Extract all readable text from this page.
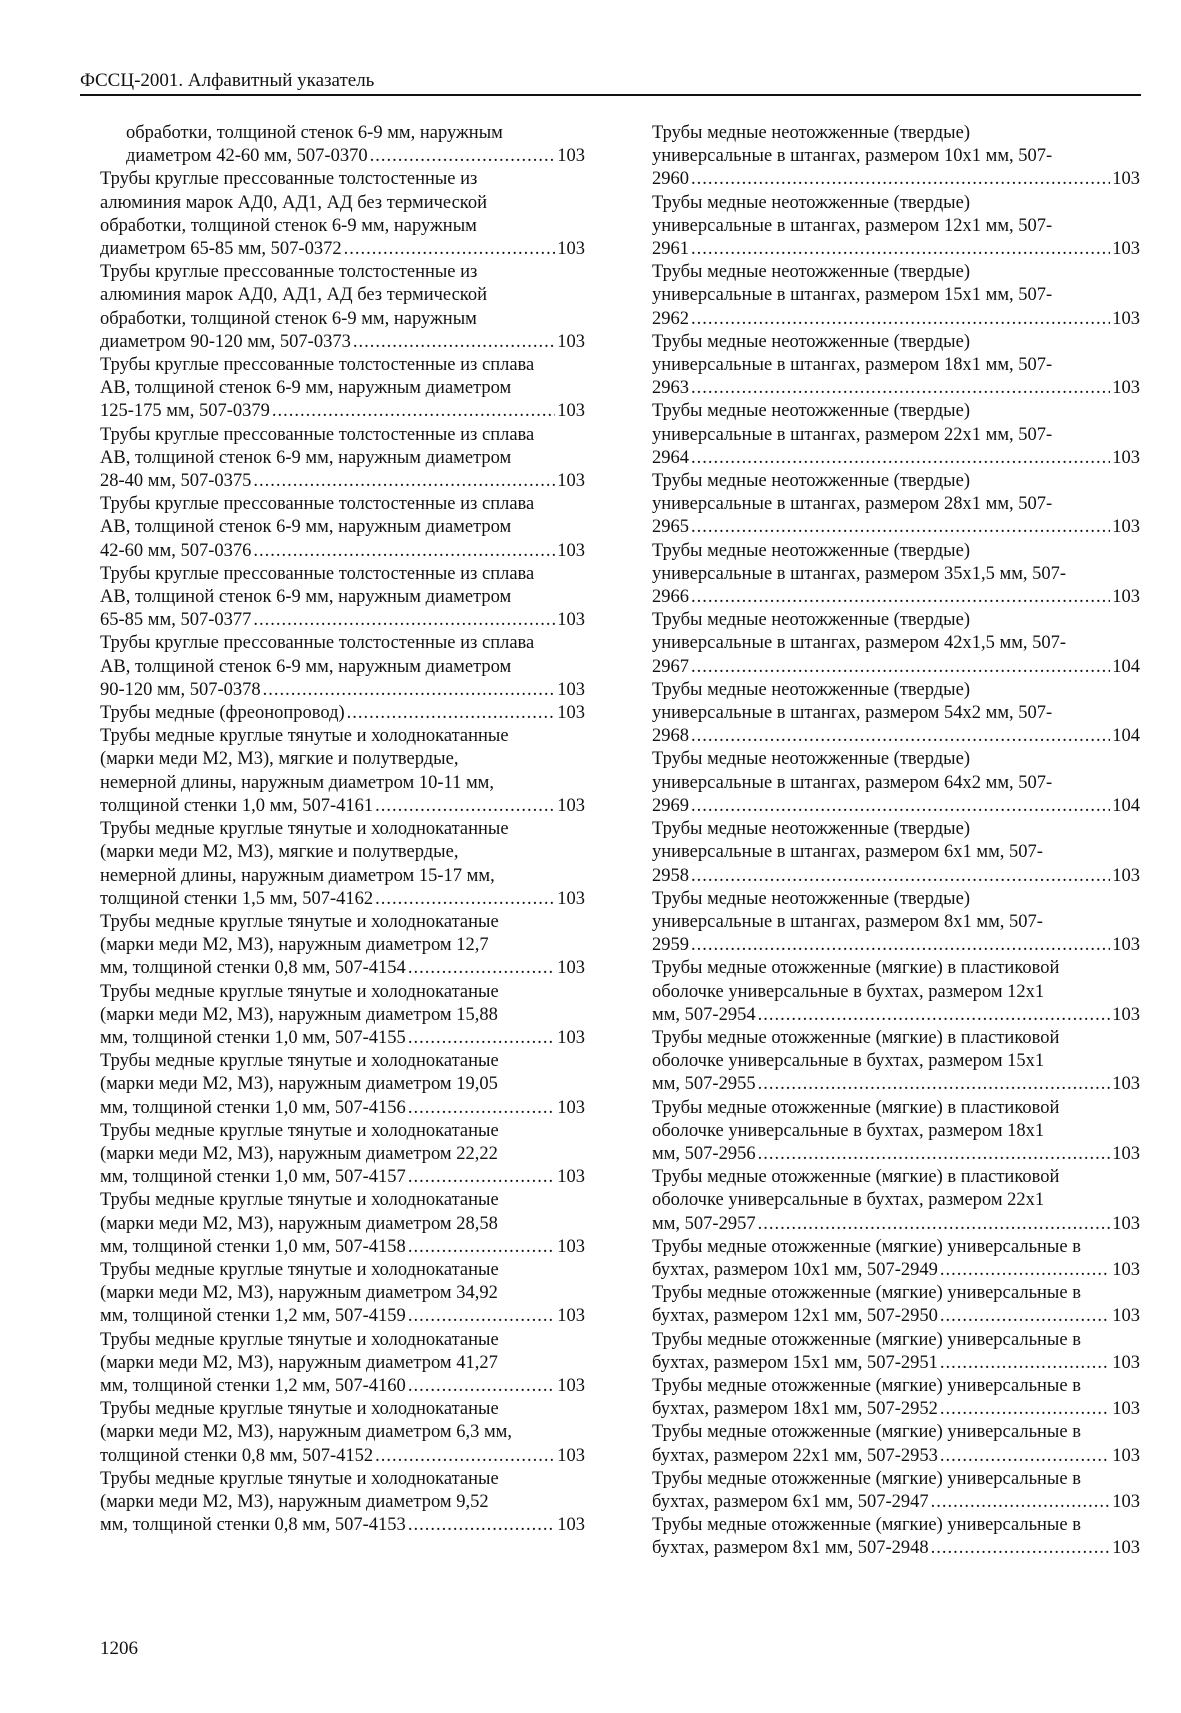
ФССЦ-2001. Алфавитный указатель
обработки, толщиной стенок 6-9 мм, наружным
диаметром 42-60 мм, 507-0370 .....	103
Трубы круглые прессованные толстостенные из
алюминия марок АД0, АД1, АД без термической
обработки, толщиной стенок 6-9 мм, наружным
диаметром 65-85 мм, 507-0372 .....	103
Трубы круглые прессованные толстостенные из
алюминия марок АД0, АД1, АД без термической
обработки, толщиной стенок 6-9 мм, наружным
диаметром 90-120 мм, 507-0373 .....	103
Трубы круглые прессованные толстостенные из сплава
АВ, толщиной стенок 6-9 мм, наружным диаметром
125-175 мм, 507-0379 .....	103
Трубы круглые прессованные толстостенные из сплава
АВ, толщиной стенок 6-9 мм, наружным диаметром
28-40 мм, 507-0375 .....	103
Трубы круглые прессованные толстостенные из сплава
АВ, толщиной стенок 6-9 мм, наружным диаметром
42-60 мм, 507-0376 .....	103
Трубы круглые прессованные толстостенные из сплава
АВ, толщиной стенок 6-9 мм, наружным диаметром
65-85 мм, 507-0377 .....	103
Трубы круглые прессованные толстостенные из сплава
АВ, толщиной стенок 6-9 мм, наружным диаметром
90-120 мм, 507-0378 .....	103
Трубы медные (фреонопровод) .....	103
Трубы медные круглые тянутые и холоднокатанные
(марки меди М2, М3), мягкие и полутвердые,
немерной длины, наружным диаметром 10-11 мм,
толщиной стенки 1,0 мм, 507-4161 .....	103
Трубы медные круглые тянутые и холоднокатанные
(марки меди М2, М3), мягкие и полутвердые,
немерной длины, наружным диаметром 15-17 мм,
толщиной стенки 1,5 мм, 507-4162 .....	103
Трубы медные круглые тянутые и холоднокатаные
(марки меди М2, М3), наружным диаметром 12,7
мм, толщиной стенки 0,8 мм, 507-4154 .....	103
Трубы медные круглые тянутые и холоднокатаные
(марки меди М2, М3), наружным диаметром 15,88
мм, толщиной стенки 1,0 мм, 507-4155 .....	103
Трубы медные круглые тянутые и холоднокатаные
(марки меди М2, М3), наружным диаметром 19,05
мм, толщиной стенки 1,0 мм, 507-4156 .....	103
Трубы медные круглые тянутые и холоднокатаные
(марки меди М2, М3), наружным диаметром 22,22
мм, толщиной стенки 1,0 мм, 507-4157 .....	103
Трубы медные круглые тянутые и холоднокатаные
(марки меди М2, М3), наружным диаметром 28,58
мм, толщиной стенки 1,0 мм, 507-4158 .....	103
Трубы медные круглые тянутые и холоднокатаные
(марки меди М2, М3), наружным диаметром 34,92
мм, толщиной стенки 1,2 мм, 507-4159 .....	103
Трубы медные круглые тянутые и холоднокатаные
(марки меди М2, М3), наружным диаметром 41,27
мм, толщиной стенки 1,2 мм, 507-4160 .....	103
Трубы медные круглые тянутые и холоднокатаные
(марки меди М2, М3), наружным диаметром 6,3 мм,
толщиной стенки 0,8 мм, 507-4152 .....	103
Трубы медные круглые тянутые и холоднокатаные
(марки меди М2, М3), наружным диаметром 9,52
мм, толщиной стенки 0,8 мм, 507-4153 .....	103
Трубы медные неотожженные (твердые)
универсальные в штангах, размером 10x1 мм, 507-
2960 .....	103
Трубы медные неотожженные (твердые)
универсальные в штангах, размером 12x1 мм, 507-
2961 .....	103
Трубы медные неотожженные (твердые)
универсальные в штангах, размером 15x1 мм, 507-
2962 .....	103
Трубы медные неотожженные (твердые)
универсальные в штангах, размером 18x1 мм, 507-
2963 .....	103
Трубы медные неотожженные (твердые)
универсальные в штангах, размером 22x1 мм, 507-
2964 .....	103
Трубы медные неотожженные (твердые)
универсальные в штангах, размером 28x1 мм, 507-
2965 .....	103
Трубы медные неотожженные (твердые)
универсальные в штангах, размером 35x1,5 мм, 507-
2966 .....	103
Трубы медные неотожженные (твердые)
универсальные в штангах, размером 42x1,5 мм, 507-
2967 .....	104
Трубы медные неотожженные (твердые)
универсальные в штангах, размером 54x2 мм, 507-
2968 .....	104
Трубы медные неотожженные (твердые)
универсальные в штангах, размером 64x2 мм, 507-
2969 .....	104
Трубы медные неотожженные (твердые)
универсальные в штангах, размером 6x1 мм, 507-
2958 .....	103
Трубы медные неотожженные (твердые)
универсальные в штангах, размером 8x1 мм, 507-
2959 .....	103
Трубы медные отожженные (мягкие) в пластиковой
оболочке универсальные в бухтах, размером 12x1
мм, 507-2954 .....	103
Трубы медные отожженные (мягкие) в пластиковой
оболочке универсальные в бухтах, размером 15x1
мм, 507-2955 .....	103
Трубы медные отожженные (мягкие) в пластиковой
оболочке универсальные в бухтах, размером 18x1
мм, 507-2956 .....	103
Трубы медные отожженные (мягкие) в пластиковой
оболочке универсальные в бухтах, размером 22x1
мм, 507-2957 .....	103
Трубы медные отожженные (мягкие) универсальные в
бухтах, размером 10x1 мм, 507-2949 .....	103
Трубы медные отожженные (мягкие) универсальные в
бухтах, размером 12x1 мм, 507-2950 .....	103
Трубы медные отожженные (мягкие) универсальные в
бухтах, размером 15x1 мм, 507-2951 .....	103
Трубы медные отожженные (мягкие) универсальные в
бухтах, размером 18x1 мм, 507-2952 .....	103
Трубы медные отожженные (мягкие) универсальные в
бухтах, размером 22x1 мм, 507-2953 .....	103
Трубы медные отожженные (мягкие) универсальные в
бухтах, размером 6x1 мм, 507-2947 .....	103
Трубы медные отожженные (мягкие) универсальные в
бухтах, размером 8x1 мм, 507-2948 .....	103
1206
